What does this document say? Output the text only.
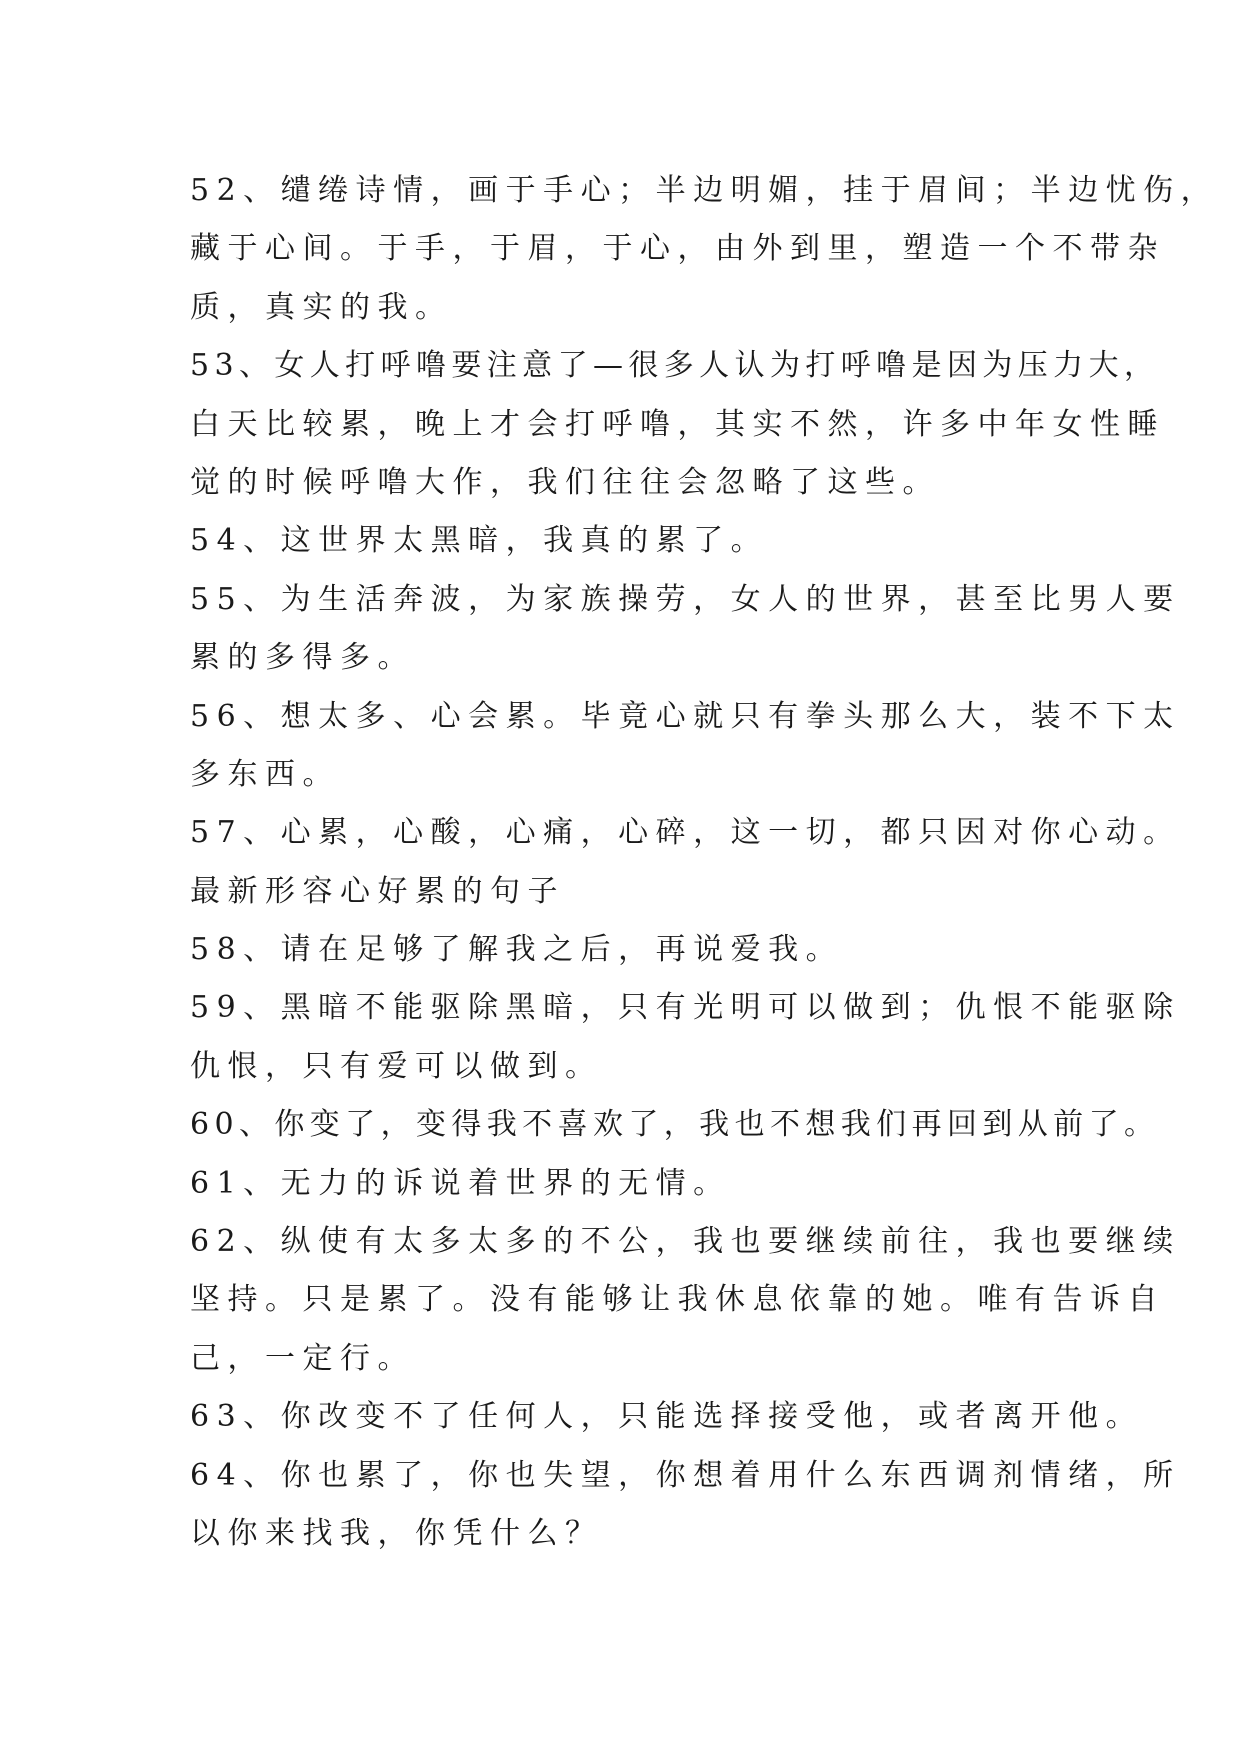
52、缱绻诗情，画于手心；半边明媚，挂于眉间；半边忧伤，
藏于心间。于手，于眉，于心，由外到里，塑造一个不带杂
质，真实的我。
53、女人打呼噜要注意了—很多人认为打呼噜是因为压力大，
白天比较累，晚上才会打呼噜，其实不然，许多中年女性睡
觉的时候呼噜大作，我们往往会忽略了这些。
54、这世界太黑暗，我真的累了。
55、为生活奔波，为家族操劳，女人的世界，甚至比男人要
累的多得多。
56、想太多、心会累。毕竟心就只有拳头那么大，装不下太
多东西。
57、心累，心酸，心痛，心碎，这一切，都只因对你心动。
最新形容心好累的句子
58、请在足够了解我之后，再说爱我。
59、黑暗不能驱除黑暗，只有光明可以做到；仇恨不能驱除
仇恨，只有爱可以做到。
60、你变了，变得我不喜欢了，我也不想我们再回到从前了。
61、无力的诉说着世界的无情。
62、纵使有太多太多的不公，我也要继续前往，我也要继续
坚持。只是累了。没有能够让我休息依靠的她。唯有告诉自
己，一定行。
63、你改变不了任何人，只能选择接受他，或者离开他。
64、你也累了，你也失望，你想着用什么东西调剂情绪，所
以你来找我，你凭什么？
